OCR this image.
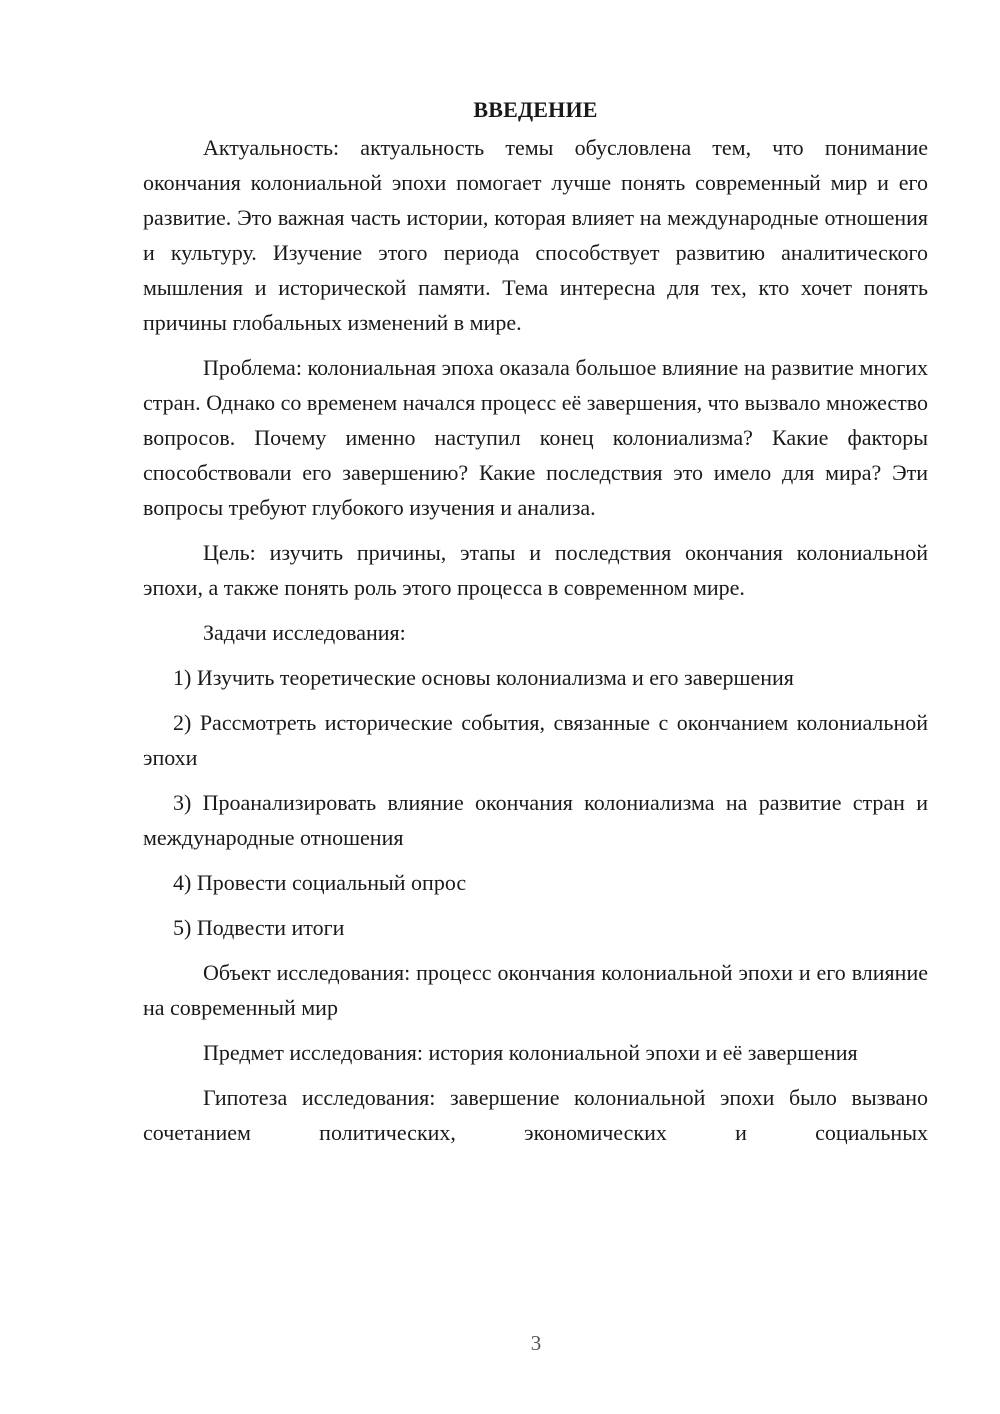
ВВЕДЕНИЕ

Актуальность: актуальность темы обусловлена тем, что понимание окончания колониальной эпохи помогает лучше понять современный мир и его развитие. Это важная часть истории, которая влияет на международные отношения и культуру. Изучение этого периода способствует развитию аналитического мышления и исторической памяти. Тема интересна для тех, кто хочет понять причины глобальных изменений в мире.

Проблема: колониальная эпоха оказала большое влияние на развитие многих стран. Однако со временем начался процесс её завершения, что вызвало множество вопросов. Почему именно наступил конец колониализма? Какие факторы способствовали его завершению? Какие последствия это имело для мира? Эти вопросы требуют глубокого изучения и анализа.

Цель: изучить причины, этапы и последствия окончания колониальной эпохи, а также понять роль этого процесса в современном мире.

Задачи исследования:

1) Изучить теоретические основы колониализма и его завершения

2) Рассмотреть исторические события, связанные с окончанием колониальной эпохи

3) Проанализировать влияние окончания колониализма на развитие стран и международные отношения

4) Провести социальный опрос

5) Подвести итоги

Объект исследования: процесс окончания колониальной эпохи и его влияние на современный мир

Предмет исследования: история колониальной эпохи и её завершения

Гипотеза исследования: завершение колониальной эпохи было вызвано сочетанием политических, экономических и социальных

3
